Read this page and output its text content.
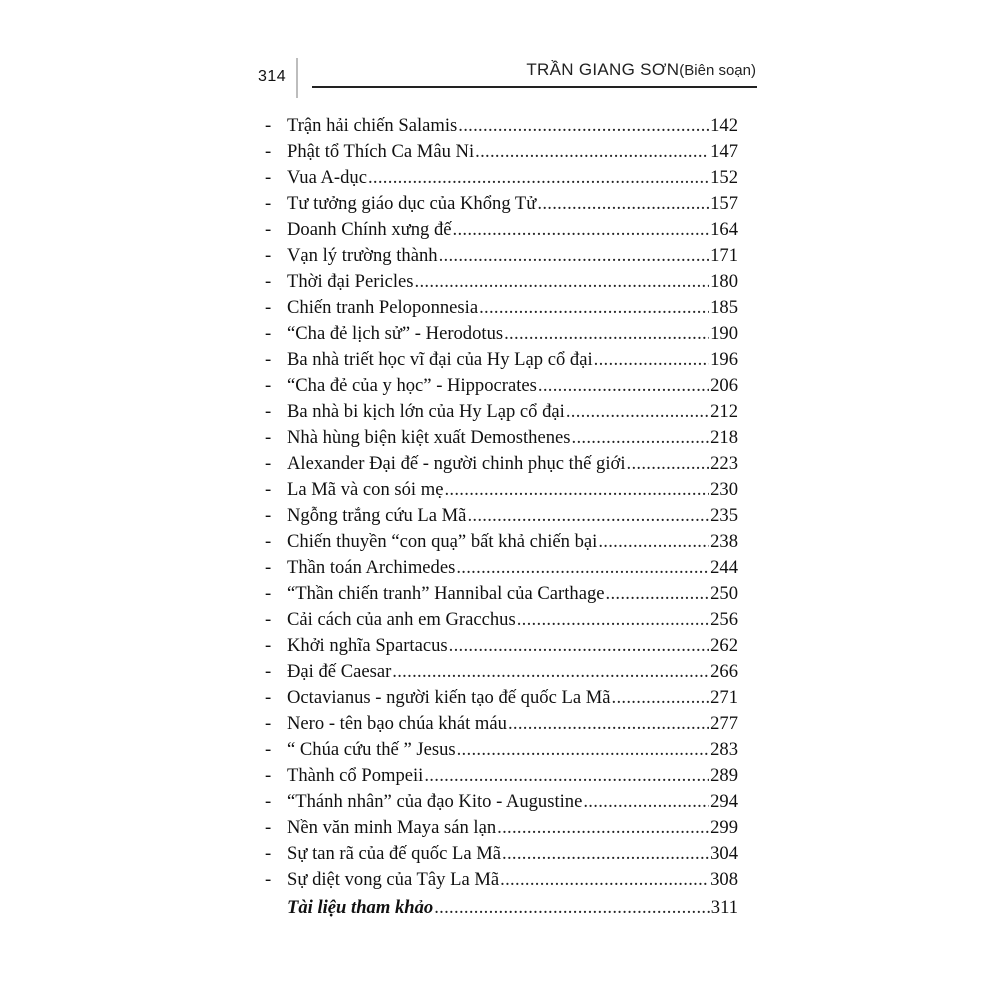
314	TRẦN GIANG SƠN(Biên soạn)
- Trận hải chiến Salamis .....	142
- Phật tổ Thích Ca Mâu Ni .....	147
- Vua A-dục .....	152
- Tư tưởng giáo dục của Khổng Tử .....	157
- Doanh Chính xưng đế .....	164
- Vạn lý trường thành .....	171
- Thời đại Pericles .....	180
- Chiến tranh Peloponnesia .....	185
- “Cha đẻ lịch sử” - Herodotus .....	190
- Ba nhà triết học vĩ đại của Hy Lạp cổ đại .....	196
- “Cha đẻ của y học” - Hippocrates .....	206
- Ba nhà bi kịch lớn của Hy Lạp cổ đại .....	212
- Nhà hùng biện kiệt xuất Demosthenes .....	218
- Alexander Đại đế - người chinh phục thế giới .....	223
- La Mã và con sói mẹ .....	230
- Ngỗng trắng cứu La Mã .....	235
- Chiến thuyền “con quạ” bất khả chiến bại .....	238
- Thần toán Archimedes .....	244
- “Thần chiến tranh” Hannibal của Carthage .....	250
- Cải cách của anh em Gracchus .....	256
- Khởi nghĩa Spartacus .....	262
- Đại đế Caesar .....	266
- Octavianus - người kiến tạo đế quốc La Mã .....	271
- Nero - tên bạo chúa khát máu .....	277
- “ Chúa cứu thế ” Jesus .....	283
- Thành cổ Pompeii .....	289
- “Thánh nhân” của đạo Kito - Augustine .....	294
- Nền văn minh Maya sán lạn .....	299
- Sự tan rã của đế quốc La Mã .....	304
- Sự diệt vong của Tây La Mã .....	308
Tài liệu tham khảo .....	311
